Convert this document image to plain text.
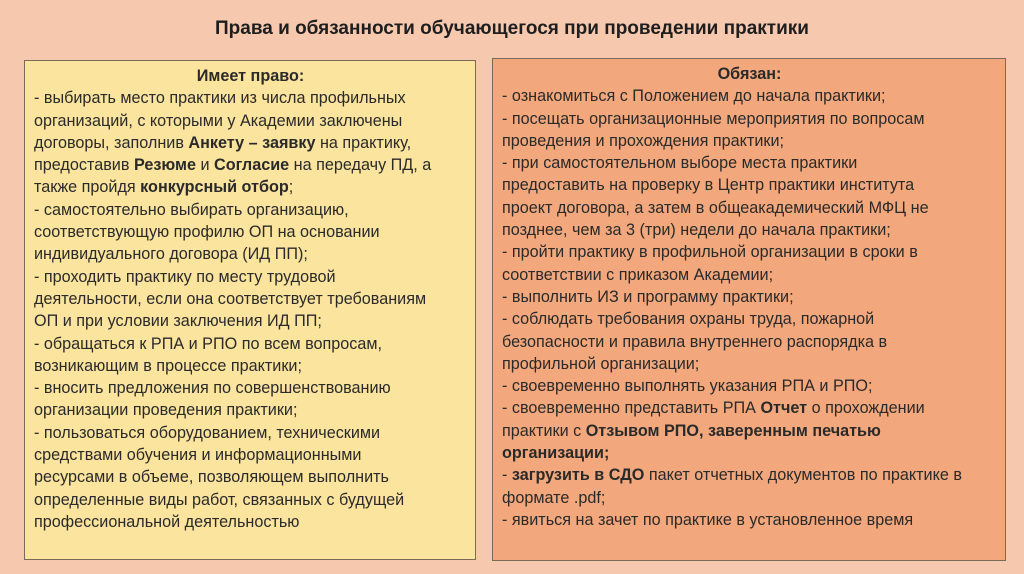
Права и обязанности обучающегося при проведении практики
Имеет право:
- выбирать место практики из числа профильных
организаций, с которыми у Академии заключены
договоры, заполнив Анкету – заявку на практику,
предоставив Резюме и Согласие на передачу ПД, а
также пройдя конкурсный отбор;
- самостоятельно выбирать организацию,
соответствующую профилю ОП на основании
индивидуального договора (ИД ПП);
- проходить практику по месту трудовой
деятельности, если она соответствует требованиям
ОП и при условии заключения ИД ПП;
- обращаться к РПА и РПО по всем вопросам,
возникающим в процессе практики;
- вносить предложения по совершенствованию
организации проведения практики;
- пользоваться оборудованием, техническими
средствами обучения и информационными
ресурсами в объеме, позволяющем выполнить
определенные виды работ, связанных с будущей
профессиональной деятельностью
Обязан:
- ознакомиться с Положением до начала практики;
- посещать организационные мероприятия по вопросам
проведения и прохождения практики;
- при самостоятельном выборе места практики
предоставить на проверку в Центр практики института
проект договора, а затем в общеакадемический МФЦ не
позднее, чем за 3 (три) недели до начала практики;
- пройти практику в профильной организации в сроки в
соответствии с приказом Академии;
- выполнить ИЗ и программу практики;
- соблюдать требования охраны труда, пожарной
безопасности и правила внутреннего распорядка в
профильной организации;
- своевременно выполнять указания РПА и РПО;
- своевременно представить РПА Отчет о прохождении
практики с Отзывом РПО, заверенным печатью
организации;
- загрузить в СДО пакет отчетных документов по практике в
формате .pdf;
- явиться на зачет по практике в установленное время
